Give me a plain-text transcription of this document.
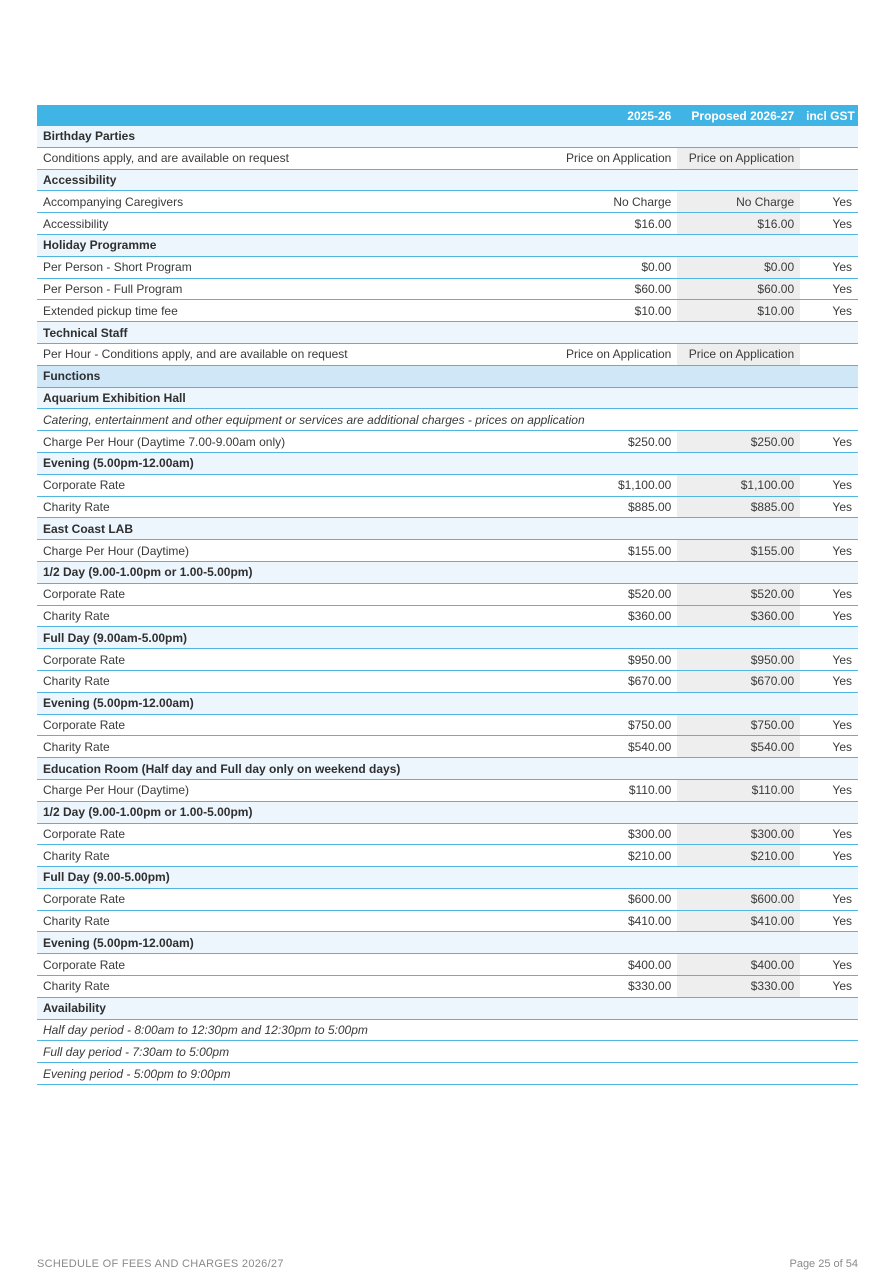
	2025-26	Proposed 2026-27	incl GST
Birthday Parties			
Conditions apply, and are available on request	Price on Application	Price on Application	
Accessibility			
Accompanying Caregivers	No Charge	No Charge	Yes
Accessibility	$16.00	$16.00	Yes
Holiday Programme			
Per Person - Short Program	$0.00	$0.00	Yes
Per Person - Full Program	$60.00	$60.00	Yes
Extended pickup time fee	$10.00	$10.00	Yes
Technical Staff			
Per Hour - Conditions apply, and are available on request	Price on Application	Price on Application	
Functions			
Aquarium Exhibition Hall			
Catering, entertainment and other equipment or services are additional charges - prices on application			
Charge Per Hour (Daytime 7.00-9.00am only)	$250.00	$250.00	Yes
Evening (5.00pm-12.00am)			
Corporate Rate	$1,100.00	$1,100.00	Yes
Charity Rate	$885.00	$885.00	Yes
East Coast LAB			
Charge Per Hour (Daytime)	$155.00	$155.00	Yes
1/2 Day (9.00-1.00pm or 1.00-5.00pm)			
Corporate Rate	$520.00	$520.00	Yes
Charity Rate	$360.00	$360.00	Yes
Full Day (9.00am-5.00pm)			
Corporate Rate	$950.00	$950.00	Yes
Charity Rate	$670.00	$670.00	Yes
Evening (5.00pm-12.00am)			
Corporate Rate	$750.00	$750.00	Yes
Charity Rate	$540.00	$540.00	Yes
Education Room (Half day and Full day only on weekend days)			
Charge Per Hour (Daytime)	$110.00	$110.00	Yes
1/2 Day (9.00-1.00pm or 1.00-5.00pm)			
Corporate Rate	$300.00	$300.00	Yes
Charity Rate	$210.00	$210.00	Yes
Full Day (9.00-5.00pm)			
Corporate Rate	$600.00	$600.00	Yes
Charity Rate	$410.00	$410.00	Yes
Evening (5.00pm-12.00am)			
Corporate Rate	$400.00	$400.00	Yes
Charity Rate	$330.00	$330.00	Yes
Availability			
Half day period - 8:00am to 12:30pm and 12:30pm to 5:00pm			
Full day period - 7:30am to 5:00pm			
Evening period - 5:00pm to 9:00pm			
SCHEDULE OF FEES AND CHARGES 2026/27	Page 25 of 54
